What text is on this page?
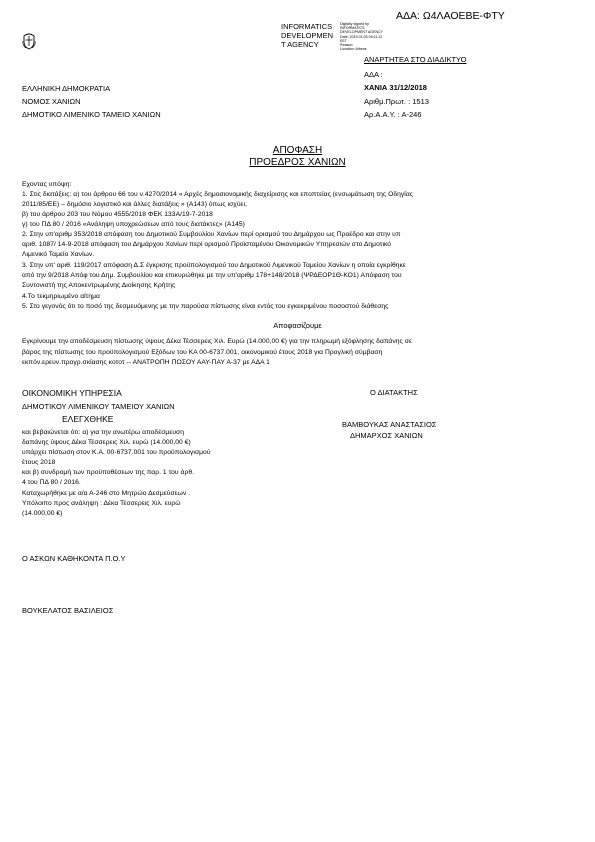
ΑΔΑ: Ω4ΛΑΟΕΒΕ-ΦΤΥ
INFORMATICS
DEVELOPMEN
T AGENCY
Digitally signed by
INFORMATICS
DEVELOPMENT AGENCY
Date: 2019.01.03 09:11:12
EET
Reason:
Location: Athens
ΑΝΑΡΤΗΤΕΑ ΣΤΟ ΔΙΑΔΙΚΤΥΟ
ΕΛΛΗΝΙΚΗ ΔΗΜΟΚΡΑΤΙΑ
ΝΟΜΟΣ ΧΑΝΙΩΝ
ΔΗΜΟΤΙΚΟ ΛΙΜΕΝΙΚΟ ΤΑΜΕΙΟ ΧΑΝΙΩΝ
ΑΔΑ :
ΧΑΝΙΑ 31/12/2018
Αριθμ.Πρωτ. : 1513
Αρ.Α.Α.Υ. : Α-246
ΑΠΟΦΑΣΗ
ΠΡΟΕΔΡΟΣ ΧΑΝΙΩΝ
Εχοντας υπόψη:
1. Στις διατάξεις: α) του άρθρου 66 του ν.4270/2014 « Αρχές δημοσιονομικής διαχείρισης και εποπτείας (ενσωμάτωση της Οδηγίας
2011/85/ΕΕ) – δημόσιο λογιστικό και άλλες διατάξεις » (Α143) όπως ισχύει,
β) του άρθρου 203 του Νόμου 4555/2018 ΦΕΚ 133Α/19-7-2018
γ) του ΠΔ 80 / 2016 «Ανάληψη υποχρεώσεων από τους διατάκτες» (Α145)
2. Στην υπ'αριθμ 353/2018 απόφαση του Δημοτικού Συμβουλίου Χανίων περί ορισμού του Δημάρχου ως Προέδρο και στην υπ
αριθ. 1087/ 14-9-2018 απόφαση του Δημάρχου Χανίων περί ορισμού Προϊσταμένου Οικονομικών Υπηρεσιών στο Δημοτικό
Λιμενικό Ταμείο Χανίων.
3. Στην υπ' αριθ. 119/2017 απόφαση Δ.Σ έγκρισης προϋπολογισμού του Δημοτικού Λιμενικού Ταμείου Χανίων η οποία εγκρίθηκε
από την 9/2018 Απόφ του Δημ. Συμβουλίου και επικυρώθηκε με την υπ'αριθμ 178+148/2018 (ΨΡΔΕΟΡ1Θ-ΚΟ1) Απόφαση του
Συντονιστή της Αποκεντρωμένης Διοίκησης Κρήτης
4.Το τεκμηριωμένο αίτημα
5. Στο γεγονός ότι το ποσό της δεσμευόμενης με την παρούσα πίστωσης είναι εντός του εγκεκριμένου ποσοστού διάθεσης
Αποφασίζουμε
Εγκρίνουμε την αποδέσμευση πίστωσης ύψους Δέκα Τέσσερεις Χιλ. Ευρώ (14.000,00 €) για την πληρωμή εξόφλησης δαπάνης σε
βάρος της πίστωσης του προϋπολογισμού Εξόδων του ΚΑ 00-6737.001, οικονομικού έτους 2018 για Προγλική σύμβαση
εκπόν.ερευν.προγρ.σκίασης κοτοτ -- ΑΝΑΤΡΟΠΗ ΠΟΣΟΥ ΑΑΥ-ΠΑΥ Α-37 με ΑΔΑ 1
ΟΙΚΟΝΟΜΙΚΗ ΥΠΗΡΕΣΙΑ
ΔΗΜΟΤΙΚΟΥ ΛΙΜΕΝΙΚΟΥ ΤΑΜΕΙΟΥ ΧΑΝΙΩΝ
ΕΛΕΓΧΘΗΚΕ
και βεβαιώνεται ότι: α) για την ανωτέρω αποδέσμευση
δαπάνης ύψους Δέκα Τέσσερεις Χιλ. ευρώ (14.000,00 €)
υπάρχει πίστωση στον Κ.Α. 00-6737.001 του προϋπολογισμού
έτους 2018
και β) συνδρομή των προϋποθέσεων της παρ. 1 του άρθ.
4 του ΠΔ 80 / 2016.
Καταχωρήθηκε με α/α Α-246 στο Μητρώο Δεσμεύσεων .
Υπόλοιπο προς ανάληψη : Δέκα Τέσσερεις Χιλ. ευρώ
(14.000,00 €)
Ο ΔΙΑΤΑΚΤΗΣ
ΒΑΜΒΟΥΚΑΣ ΑΝΑΣΤΑΣΙΟΣ
ΔΗΜΑΡΧΟΣ ΧΑΝΙΩΝ
Ο ΑΣΚΩΝ ΚΑΘΗΚΟΝΤΑ Π.Ο.Υ
ΒΟΥΚΕΛΑΤΟΣ ΒΑΣΙΛΕΙΟΣ
